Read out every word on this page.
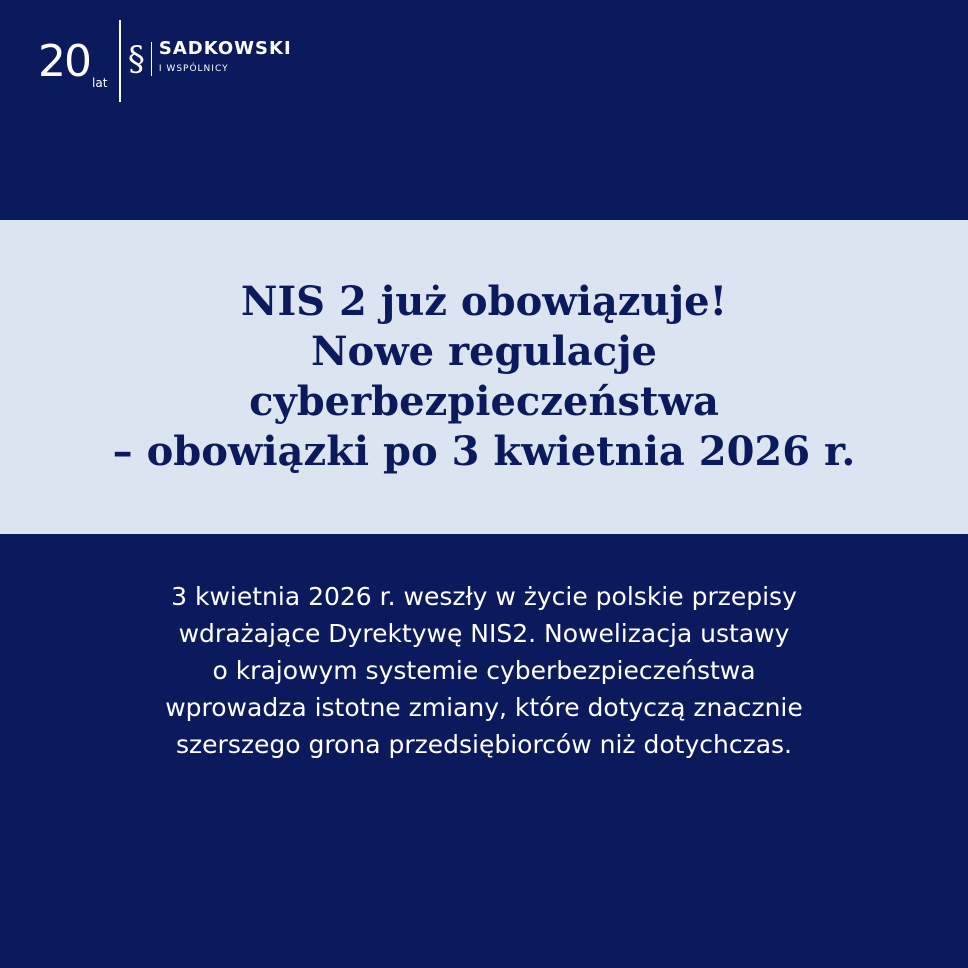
20 lat
§ SADKOWSKI
I WSPÓLNICY
NIS 2 już obowiązuje!
Nowe regulacje
cyberbezpieczeństwa
– obowiązki po 3 kwietnia 2026 r.
3 kwietnia 2026 r. weszły w życie polskie przepisy
wdrażające Dyrektywę NIS2. Nowelizacja ustawy
o krajowym systemie cyberbezpieczeństwa
wprowadza istotne zmiany, które dotyczą znacznie
szerszego grona przedsiębiorców niż dotychczas.
